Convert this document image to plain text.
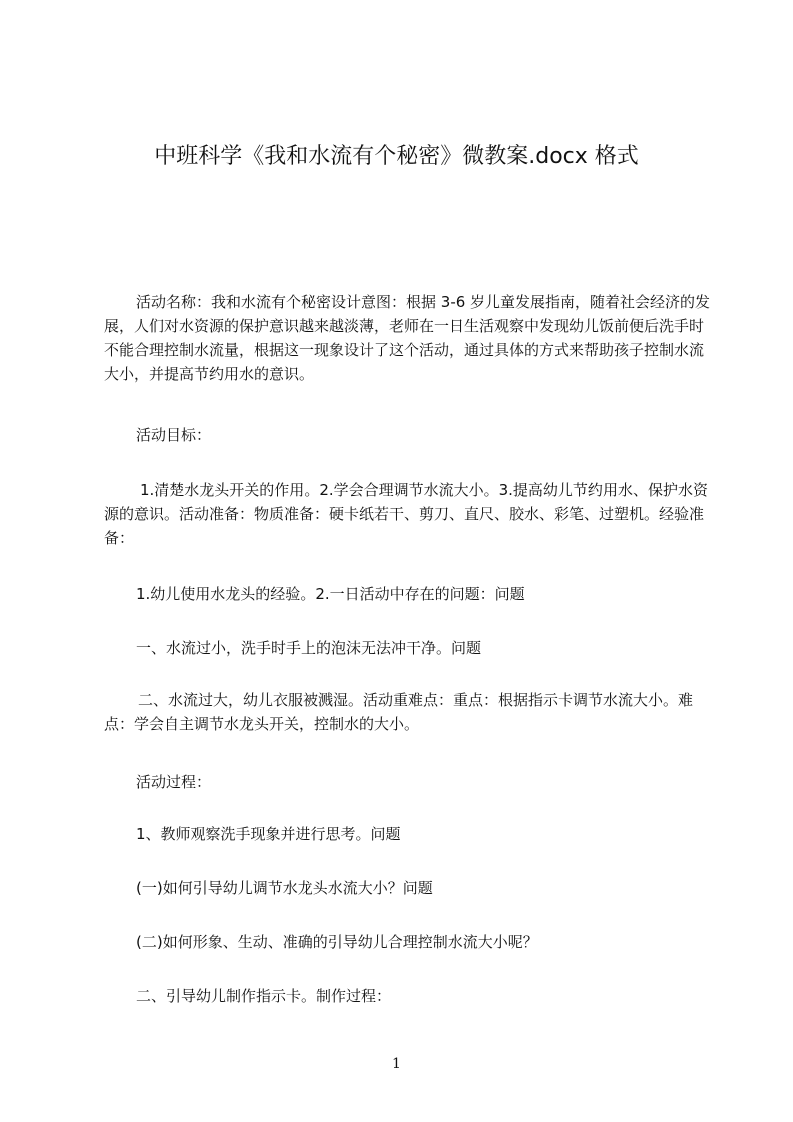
中班科学《我和水流有个秘密》微教案.docx 格式

活动名称：我和水流有个秘密设计意图：根据 3-6 岁儿童发展指南，随着社会经济的发展，人们对水资源的保护意识越来越淡薄，老师在一日生活观察中发现幼儿饭前便后洗手时不能合理控制水流量，根据这一现象设计了这个活动，通过具体的方式来帮助孩子控制水流大小，并提高节约用水的意识。

活动目标：

1.清楚水龙头开关的作用。2.学会合理调节水流大小。3.提高幼儿节约用水、保护水资源的意识。活动准备：物质准备：硬卡纸若干、剪刀、直尺、胶水、彩笔、过塑机。经验准备：

1.幼儿使用水龙头的经验。2.一日活动中存在的问题：问题

一、水流过小，洗手时手上的泡沫无法冲干净。问题

二、水流过大，幼儿衣服被溅湿。活动重难点：重点：根据指示卡调节水流大小。难点：学会自主调节水龙头开关，控制水的大小。

活动过程：

1、教师观察洗手现象并进行思考。问题

(一)如何引导幼儿调节水龙头水流大小？问题

(二)如何形象、生动、准确的引导幼儿合理控制水流大小呢？

二、引导幼儿制作指示卡。制作过程：

1
